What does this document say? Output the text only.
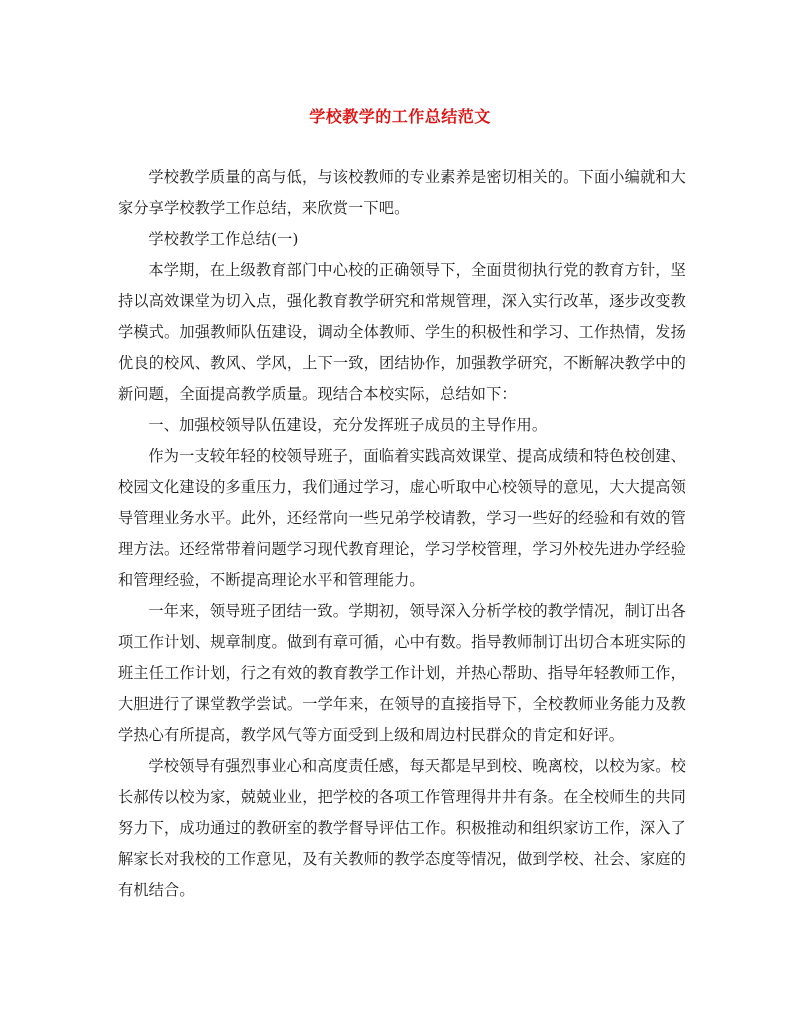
学校教学的工作总结范文

学校教学质量的高与低，与该校教师的专业素养是密切相关的。下面小编就和大家分享学校教学工作总结，来欣赏一下吧。

学校教学工作总结(一)

本学期，在上级教育部门中心校的正确领导下，全面贯彻执行党的教育方针，坚持以高效课堂为切入点，强化教育教学研究和常规管理，深入实行改革，逐步改变教学模式。加强教师队伍建设，调动全体教师、学生的积极性和学习、工作热情，发扬优良的校风、教风、学风，上下一致，团结协作，加强教学研究，不断解决教学中的新问题，全面提高教学质量。现结合本校实际，总结如下：

一、加强校领导队伍建设，充分发挥班子成员的主导作用。

作为一支较年轻的校领导班子，面临着实践高效课堂、提高成绩和特色校创建、校园文化建设的多重压力，我们通过学习，虚心听取中心校领导的意见，大大提高领导管理业务水平。此外，还经常向一些兄弟学校请教，学习一些好的经验和有效的管理方法。还经常带着问题学习现代教育理论，学习学校管理，学习外校先进办学经验和管理经验，不断提高理论水平和管理能力。

一年来，领导班子团结一致。学期初，领导深入分析学校的教学情况，制订出各项工作计划、规章制度。做到有章可循，心中有数。指导教师制订出切合本班实际的班主任工作计划，行之有效的教育教学工作计划，并热心帮助、指导年轻教师工作，大胆进行了课堂教学尝试。一学年来，在领导的直接指导下，全校教师业务能力及教学热心有所提高，教学风气等方面受到上级和周边村民群众的肯定和好评。

学校领导有强烈事业心和高度责任感，每天都是早到校、晚离校，以校为家。校长郝传以校为家，兢兢业业，把学校的各项工作管理得井井有条。在全校师生的共同努力下，成功通过的教研室的教学督导评估工作。积极推动和组织家访工作，深入了解家长对我校的工作意见，及有关教师的教学态度等情况，做到学校、社会、家庭的有机结合。
